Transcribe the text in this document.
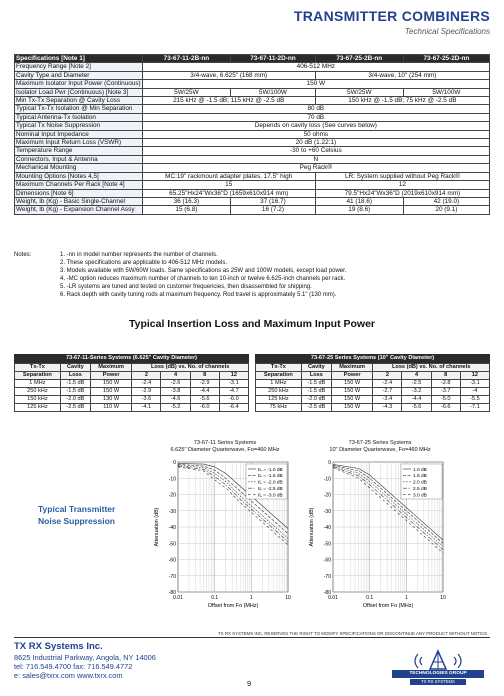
TRANSMITTER COMBINERS
Technical Specifications
Specifications [Note 1]	73-67-11-2B-nn	73-67-11-2D-nn	73-67-25-2B-nn	73-67-25-2D-nn
Frequency Range [Note 2]	406-512 MHz			
Cavity Type and Diameter	3/4-wave, 6.625" (168 mm)		3/4-wave, 10" (254 mm)	
Maximum Isolator Input Power (Continuous)	150 W			
Isolator Load Pwr (Continuous) [Note 3]	5W/25W	5W/100W	5W/25W	5W/100W
Min Tx-Tx Separation @ Cavity Loss	215 kHz @ -1.5 dB; 115 kHz @ -2.5 dB		150 kHz @ -1.5 dB; 75 kHz @ -2.5 dB	
Typical Tx-Tx Isolation @ Min Separation	80 dB			
Typical Antenna-Tx Isolation	70 dB			
Typical Tx Noise Suppression	Depends on cavity loss (See curves below)			
Nominal Input Impedance	50 ohms			
Maximum Input Return Loss (VSWR)	20 dB (1.22:1)			
Temperature Range	-30 to +60 Celsius			
Connectors, Input & Antenna	N			
Mechanical Mounting	Peg Rack®			
Mounting Options [Notes 4,5]	MC:19" rackmount adapter plates, 17.5" high		LR: System supplied without Peg Rack®	
Maximum Channels Per Rack [Note 4]	15		12	
Dimensions [Note 6]	65.25"Hx24"Wx36"D (1659x610x914 mm)		79.5"Hx24"Wx36"D (2019x610x914 mm)	
Weight, lb (Kg) - Basic Single-Channel	36 (16.3)	37 (16.7)	41 (18.6)	42 (19.0)
Weight, lb (Kg) - Expansion Channel Assy	15 (6.8)	16 (7.2)	19 (8.6)	20 (9.1)
Notes:	1. -nn in model number represents the number of channels.
2. These specifications are applicable to 406-512 MHz models.
3. Models available with 5W/60W loads. Same specifications as 25W and 100W models, except load power.
4. -MC option reduces maximum number of channels to ten 10-inch or twelve 6.625-inch channels per rack.
5. -LR systems are tuned and tested on customer frequencies, then disassembled for shipping.
6. Rack depth with cavity tuning rods at maximum frequency. Rod travel is approximately 5.1" (130 mm).
Typical Insertion Loss and Maximum Input Power
73-67-11-Series Systems (6.625" Cavity Diameter)
Tx-Tx	Cavity	Maximum	Loss (dB) vs. No. of channels			
Separation	Loss	Power	2	4	8	12
1 MHz	-1.5 dB	150 W	-2.4	-2.6	-2.9	-3.1
250 kHz	-1.5 dB	150 W	-2.9	-3.8	-4.4	-4.7
150 kHz	-2.0 dB	130 W	-3.6	-4.6	-5.6	-6.0
125 kHz	-2.5 dB	110 W	-4.1	-5.2	-6.0	-6.4
73-67-25 Series Systems (10" Cavity Diameter)
Tx-Tx	Cavity	Maximum	Loss (dB) vs. No. of channels			
Separation	Loss	Power	2	4	8	12
1 MHz	-1.5 dB	150 W	-2.4	-2.5	-2.8	-3.1
250 kHz	-1.5 dB	150 W	-2.7	-3.2	-3.7	-4
125 kHz	-2.0 dB	150 W	-3.4	-4.4	-5.0	-5.5
75 kHz	-2.5 dB	150 W	-4.3	-5.6	-6.6	-7.1
Typical Transmitter
Noise Suppression
73-67-11 Series Systems
6.625" Diameter Quarterwave, Fo=460 MHz
0
-10
-20
-30
-40
-50
-60
-70
-80
0.01	0.1	1	10
Offset from Fo (MHz)
Attenuation (dB)
IL = -1.0 dB
IL = -1.5 dB
IL = -2.0 dB
IL = -2.5 dB
IL = -3.0 dB
73-67-25 Series Systems
10" Diameter Quarterwave, Fo=460 MHz
0
-10
-20
-30
-40
-50
-60
-70
-80
0.01	0.1	1	10
Offset from Fo (MHz)
Attenuation (dB)
1.0 dB
1.5 dB
2.0 dB
2.5 dB
3.0 dB
TX RX SYSTEMS INC. RESERVES THE RIGHT TO MODIFY SPECIFICATIONS OR DISCONTINUE ANY PRODUCT WITHOUT NOTICE
TX RX Systems Inc.
8625 Industrial Parkway, Angola, NY 14006
tel: 716.549.4700 fax: 716.549.4772
e: sales@txrx.com www.txrx.com
9
TECHNOLOGIES GROUP
TX RX SYSTEMS
